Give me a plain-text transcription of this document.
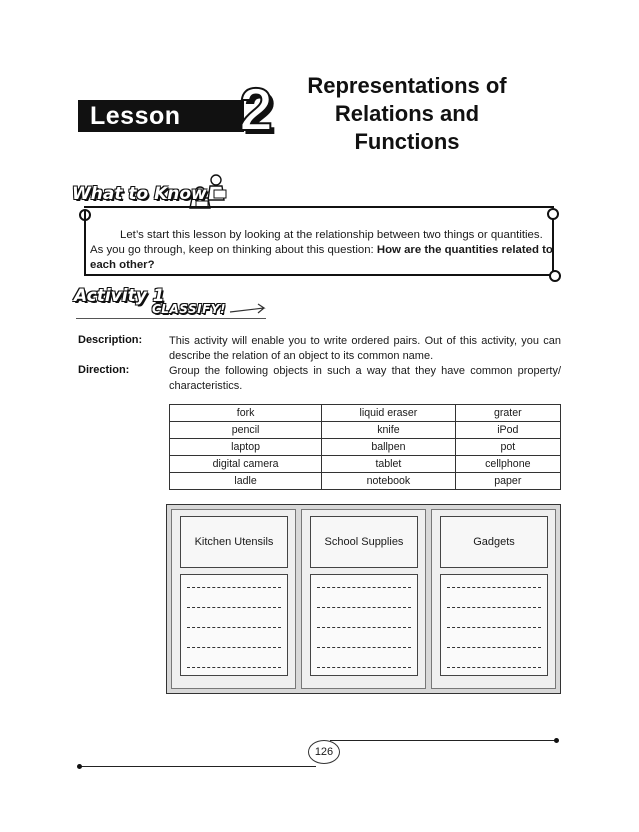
Lesson 2	Representations of
Relations and
Functions
What to Know
Let’s start this lesson by looking at the relationship between two things or quantities. As you go through, keep on thinking about this question: How are the quantities related to each other?
Activity 1
CLASSIFY!
Description: This activity will enable you to write ordered pairs. Out of this activity, you can describe the relation of an object to its common name.
Direction:	Group the following objects in such a way that they have common property/ characteristics.
fork	liquid eraser	grater
pencil	knife	iPod
laptop	ballpen	pot
digital camera	tablet	cellphone
ladle	notebook	paper
Kitchen Utensils	School Supplies	Gadgets
126
